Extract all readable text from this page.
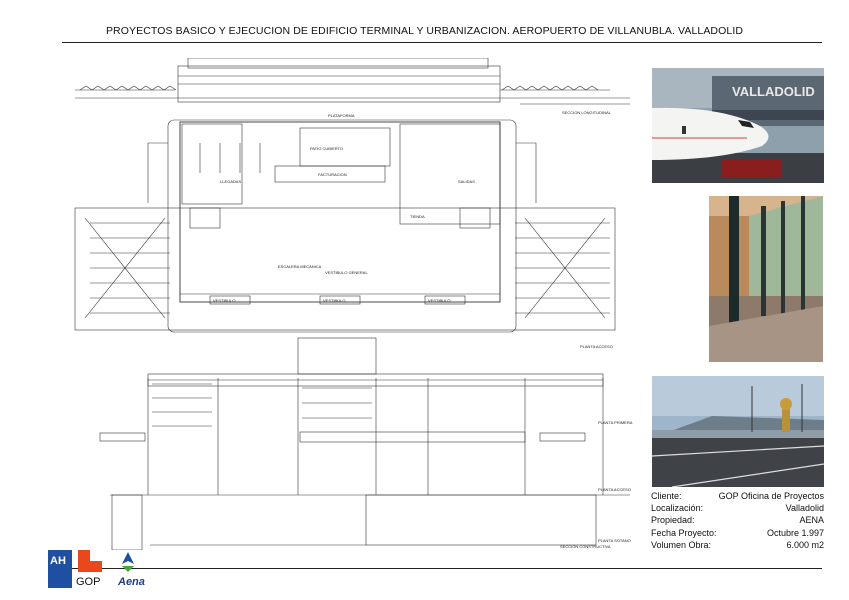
PROYECTOS BASICO Y EJECUCION DE EDIFICIO TERMINAL Y URBANIZACION. AEROPUERTO DE VILLANUBLA. VALLADOLID
SECCION LONGITUDINAL
PLATAFORMA
LLEGADAS	SALIDAS
PATIO CUBIERTO
FACTURACION
ESCALERA MECANICA
TIENDA
VESTIBULO GENERAL
VESTIBULO	VESTIBULO	VESTIBULO
PLANTA ACCESO
PLANTA PRIMERA
PLANTA ACCESO
PLANTA SOTANO
SECCION CONSTRUCTIVA
VALLADOLID
Cliente:	GOP Oficina de Proyectos
Localización:	Valladolid
Propiedad:	AENA
Fecha Proyecto:	Octubre 1.997
Volumen Obra:	6.000 m2
AH
GOP Aena
